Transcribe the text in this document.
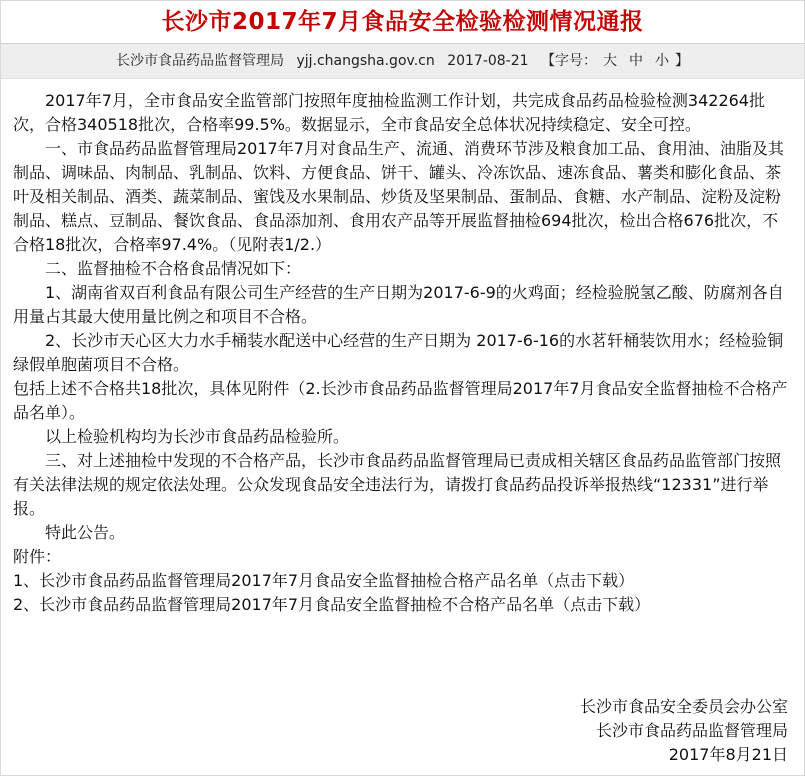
长沙市2017年7月食品安全检验检测情况通报
长沙市食品药品监督管理局 yjj.changsha.gov.cn 2017-08-21 【字号： 大 中 小 】

2017年7月，全市食品安全监管部门按照年度抽检监测工作计划，共完成食品药品检验检测342264批次，合格340518批次，合格率99.5%。数据显示，全市食品安全总体状况持续稳定、安全可控。

一、市食品药品监督管理局2017年7月对食品生产、流通、消费环节涉及粮食加工品、食用油、油脂及其制品、调味品、肉制品、乳制品、饮料、方便食品、饼干、罐头、冷冻饮品、速冻食品、薯类和膨化食品、茶叶及相关制品、酒类、蔬菜制品、蜜饯及水果制品、炒货及坚果制品、蛋制品、食糖、水产制品、淀粉及淀粉制品、糕点、豆制品、餐饮食品、食品添加剂、食用农产品等开展监督抽检694批次，检出合格676批次，不合格18批次，合格率97.4%。（见附表1/2.）

二、监督抽检不合格食品情况如下：

1、湖南省双百利食品有限公司生产经营的生产日期为2017-6-9的火鸡面；经检验脱氢乙酸、防腐剂各自用量占其最大使用量比例之和项目不合格。

2、长沙市天心区大力水手桶装水配送中心经营的生产日期为 2017-6-16的水茗轩桶装饮用水；经检验铜绿假单胞菌项目不合格。

包括上述不合格共18批次，具体见附件（2.长沙市食品药品监督管理局2017年7月食品安全监督抽检不合格产品名单）。

以上检验机构均为长沙市食品药品检验所。

三、对上述抽检中发现的不合格产品，长沙市食品药品监督管理局已责成相关辖区食品药品监管部门按照有关法律法规的规定依法处理。公众发现食品安全违法行为，请拨打食品药品投诉举报热线“12331”进行举报。

特此公告。

附件：

1、长沙市食品药品监督管理局2017年7月食品安全监督抽检合格产品名单（点击下载）

2、长沙市食品药品监督管理局2017年7月食品安全监督抽检不合格产品名单（点击下载）

长沙市食品安全委员会办公室
长沙市食品药品监督管理局
2017年8月21日
